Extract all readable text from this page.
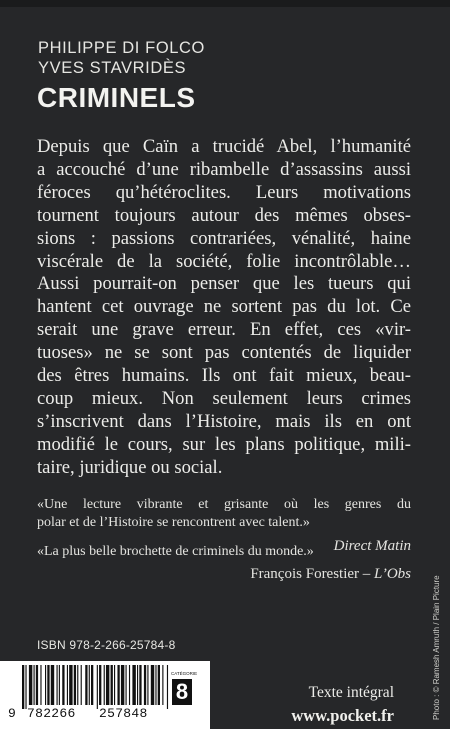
PHILIPPE DI FOLCO
YVES STAVRIDÈS
CRIMINELS
Depuis que Caïn a trucidé Abel, l’humanité
a accouché d’une ribambelle d’assassins aussi
féroces qu’hétéroclites. Leurs motivations
tournent toujours autour des mêmes obses-
sions : passions contrariées, vénalité, haine
viscérale de la société, folie incontrôlable…
Aussi pourrait-on penser que les tueurs qui
hantent cet ouvrage ne sortent pas du lot. Ce
serait une grave erreur. En effet, ces «vir-
tuoses» ne se sont pas contentés de liquider
des êtres humains. Ils ont fait mieux, beau-
coup mieux. Non seulement leurs crimes
s’inscrivent dans l’Histoire, mais ils en ont
modifié le cours, sur les plans politique, mili-
taire, juridique ou social.
«Une lecture vibrante et grisante où les genres du
polar et de l’Histoire se rencontrent avec talent.»
Direct Matin
«La plus belle brochette de criminels du monde.»
François Forestier – L’Obs
ISBN 978-2-266-25784-8
9 782266 257848
CATÉGORIE
8	Texte intégral
www.pocket.fr	Photo : © Ramesh Amruth / Plain Picture
